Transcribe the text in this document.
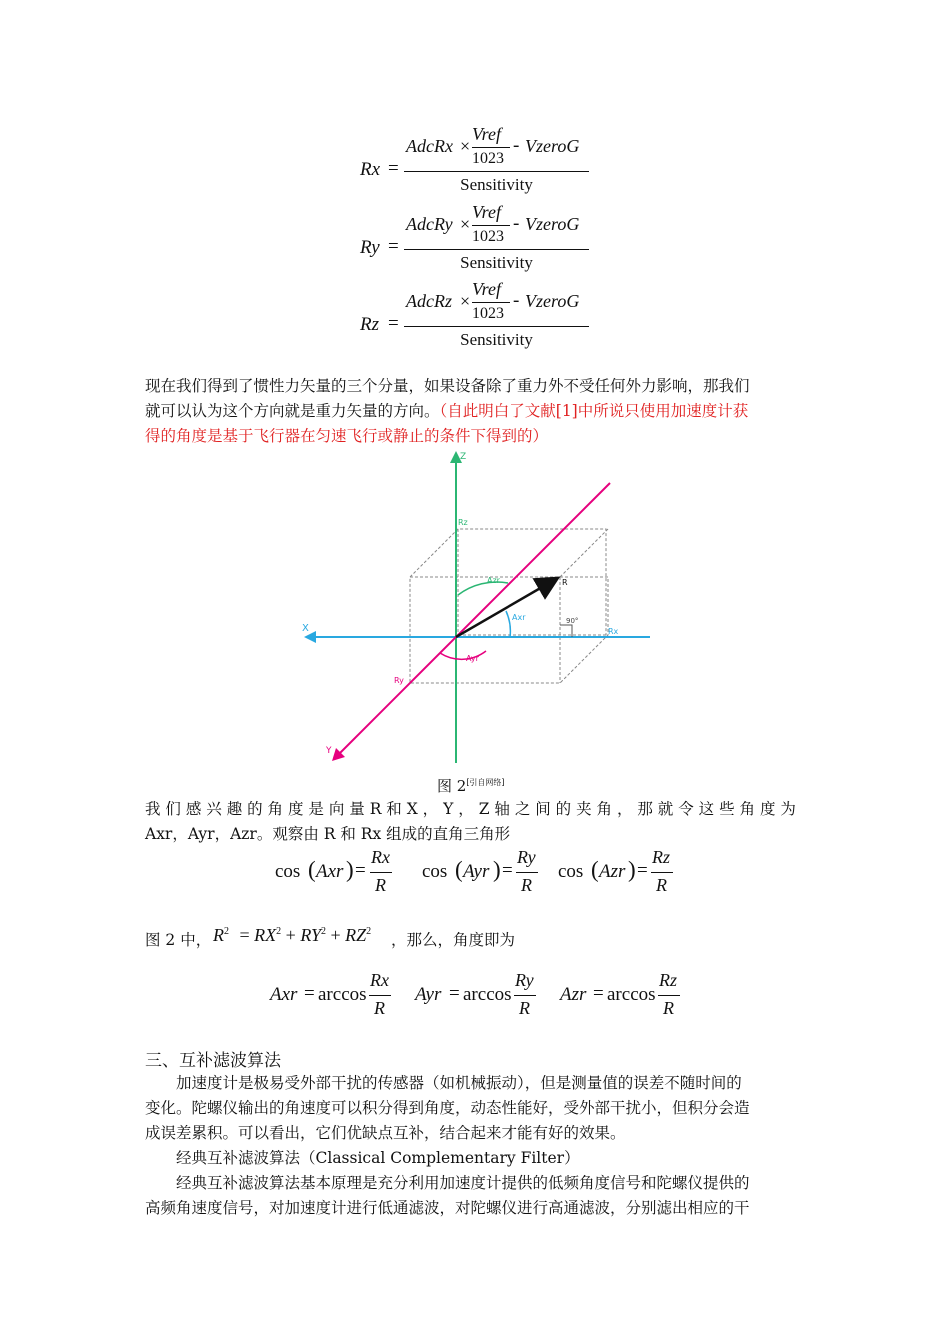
AdcRx ×
Vref
1023
- VzeroG
Rx =
Sensitivity
AdcRy ×
Vref
1023
- VzeroG
Ry =
Sensitivity
AdcRz ×
Vref
1023
- VzeroG
Rz =
Sensitivity
现在我们得到了惯性力矢量的三个分量，如果设备除了重力外不受任何外力影响，那我们
就可以认为这个方向就是重力矢量的方向。（自此明白了文献[1]中所说只使用加速度计获
得的角度是基于飞行器在匀速飞行或静止的条件下得到的）
Z
X
Y
Rz
Rx
Ry
R
Azr
Axr
Ayr
90°
图 2[引自网络]
我 们 感 兴 趣 的 角 度 是 向 量 R 和 X ， Y ， Z 轴 之 间 的 夹 角 ， 那 就 令 这 些 角 度 为
Axr，Ayr，Azr。观察由 R 和 Rx 组成的直角三角形
cos ( Axr ) =
Rx
R
cos ( Ayr ) =
Ry
R
cos ( Azr ) =
Rz
R
图 2 中， $R^2 = RX^2 + RY^2 + RZ^2$ ，那么，角度即为
Axr = arccos
Rx
R
Ayr = arccos
Ry
R
Azr = arccos
Rz
R
三、互补滤波算法
加速度计是极易受外部干扰的传感器（如机械振动），但是测量值的误差不随时间的
变化。陀螺仪输出的角速度可以积分得到角度，动态性能好，受外部干扰小，但积分会造
成误差累积。可以看出，它们优缺点互补，结合起来才能有好的效果。
经典互补滤波算法（Classical Complementary Filter）
经典互补滤波算法基本原理是充分利用加速度计提供的低频角度信号和陀螺仪提供的
高频角速度信号，对加速度计进行低通滤波，对陀螺仪进行高通滤波，分别滤出相应的干
